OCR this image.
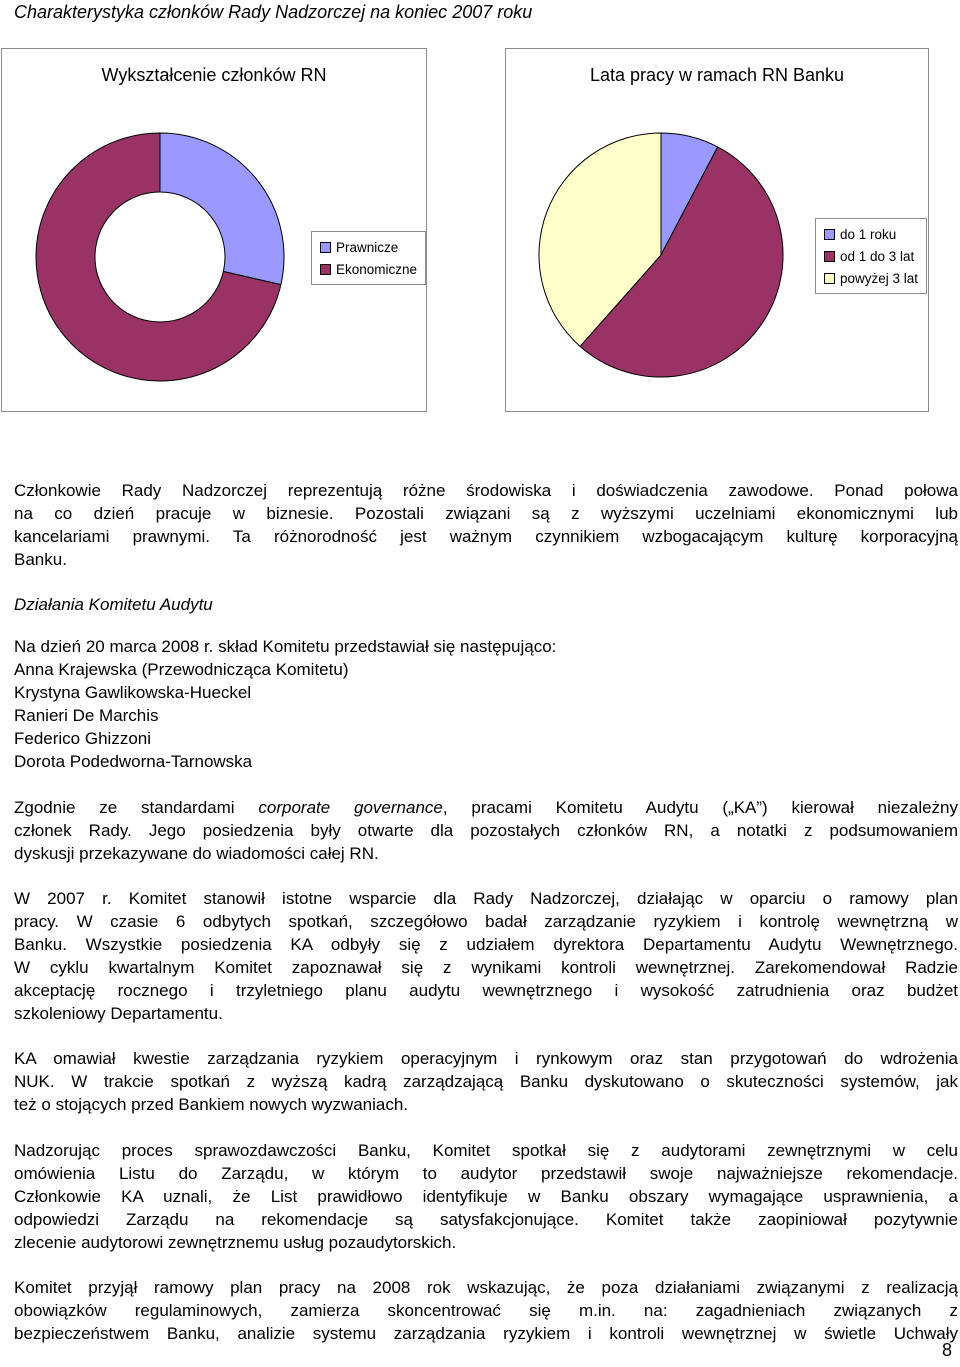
Charakterystyka członków Rady Nadzorczej na koniec 2007 roku
Wykształcenie członków RN
Prawnicze
Ekonomiczne
Lata pracy w ramach RN Banku
do 1 roku
od 1 do 3 lat
powyżej 3 lat

Członkowie Rady Nadzorczej reprezentują różne środowiska i doświadczenia zawodowe. Ponad połowa
na co dzień pracuje w biznesie. Pozostali związani są z wyższymi uczelniami ekonomicznymi lub
kancelariami prawnymi. Ta różnorodność jest ważnym czynnikiem wzbogacającym kulturę korporacyjną
Banku.

Działania Komitetu Audytu
Na dzień 20 marca 2008 r. skład Komitetu przedstawiał się następująco:
Anna Krajewska (Przewodnicząca Komitetu)
Krystyna Gawlikowska-Hueckel
Ranieri De Marchis
Federico Ghizzoni
Dorota Podedworna-Tarnowska

Zgodnie ze standardami corporate governance, pracami Komitetu Audytu („KA”) kierował niezależny
członek Rady. Jego posiedzenia były otwarte dla pozostałych członków RN, a notatki z podsumowaniem
dyskusji przekazywane do wiadomości całej RN.

W 2007 r. Komitet stanowił istotne wsparcie dla Rady Nadzorczej, działając w oparciu o ramowy plan
pracy. W czasie 6 odbytych spotkań, szczegółowo badał zarządzanie ryzykiem i kontrolę wewnętrzną w
Banku. Wszystkie posiedzenia KA odbyły się z udziałem dyrektora Departamentu Audytu Wewnętrznego.
W cyklu kwartalnym Komitet zapoznawał się z wynikami kontroli wewnętrznej. Zarekomendował Radzie
akceptację rocznego i trzyletniego planu audytu wewnętrznego i wysokość zatrudnienia oraz budżet
szkoleniowy Departamentu.

KA omawiał kwestie zarządzania ryzykiem operacyjnym i rynkowym oraz stan przygotowań do wdrożenia
NUK. W trakcie spotkań z wyższą kadrą zarządzającą Banku dyskutowano o skuteczności systemów, jak
też o stojących przed Bankiem nowych wyzwaniach.

Nadzorując proces sprawozdawczości Banku, Komitet spotkał się z audytorami zewnętrznymi w celu
omówienia Listu do Zarządu, w którym to audytor przedstawił swoje najważniejsze rekomendacje.
Członkowie KA uznali, że List prawidłowo identyfikuje w Banku obszary wymagające usprawnienia, a
odpowiedzi Zarządu na rekomendacje są satysfakcjonujące. Komitet także zaopiniował pozytywnie
zlecenie audytorowi zewnętrznemu usług pozaudytorskich.

Komitet przyjął ramowy plan pracy na 2008 rok wskazując, że poza działaniami związanymi z realizacją
obowiązków regulaminowych, zamierza skoncentrować się m.in. na: zagadnieniach związanych z
bezpieczeństwem Banku, analizie systemu zarządzania ryzykiem i kontroli wewnętrznej w świetle Uchwały

8
